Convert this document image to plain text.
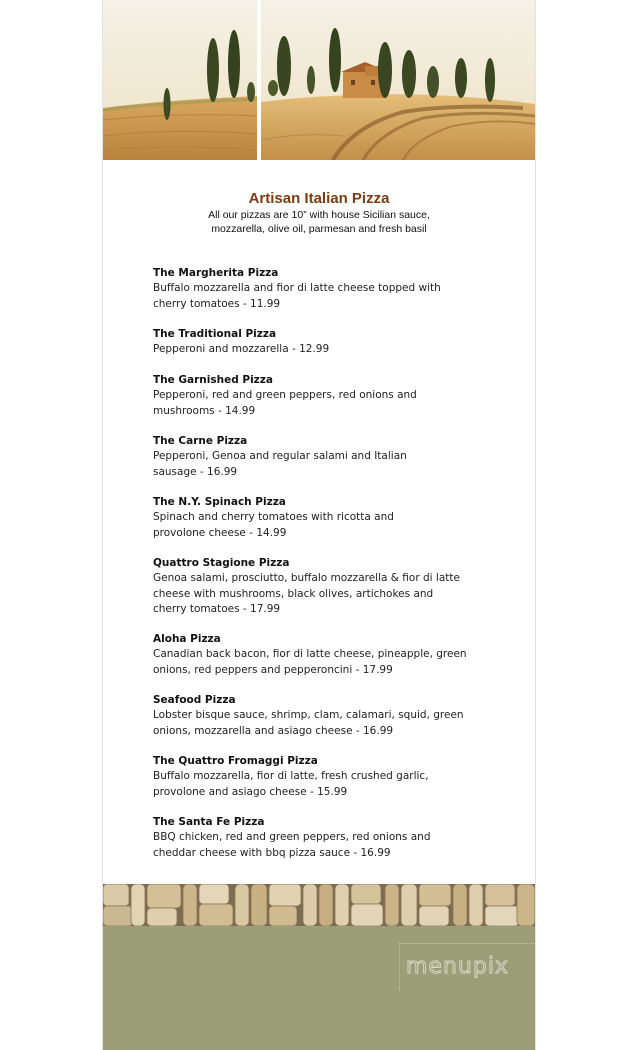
Artisan Italian Pizza
All our pizzas are 10” with house Sicilian sauce, mozzarella, olive oil, parmesan and fresh basil
The Margherita Pizza
Buffalo mozzarella and fior di latte cheese topped with cherry tomatoes - 11.99
The Traditional Pizza
Pepperoni and mozzarella - 12.99
The Garnished Pizza
Pepperoni, red and green peppers, red onions and mushrooms - 14.99
The Carne Pizza
Pepperoni, Genoa and regular salami and Italian sausage - 16.99
The N.Y. Spinach Pizza
Spinach and cherry tomatoes with ricotta and provolone cheese - 14.99
Quattro Stagione Pizza
Genoa salami, prosciutto, buffalo mozzarella & fior di latte cheese with mushrooms, black olives, artichokes and cherry tomatoes - 17.99
Aloha Pizza
Canadian back bacon, fior di latte cheese, pineapple, green onions, red peppers and pepperoncini - 17.99
Seafood Pizza
Lobster bisque sauce, shrimp, clam, calamari, squid, green onions, mozzarella and asiago cheese - 16.99
The Quattro Fromaggi Pizza
Buffalo mozzarella, fior di latte, fresh crushed garlic, provolone and asiago cheese - 15.99
The Santa Fe Pizza
BBQ chicken, red and green peppers, red onions and cheddar cheese with bbq pizza sauce - 16.99
menupix
